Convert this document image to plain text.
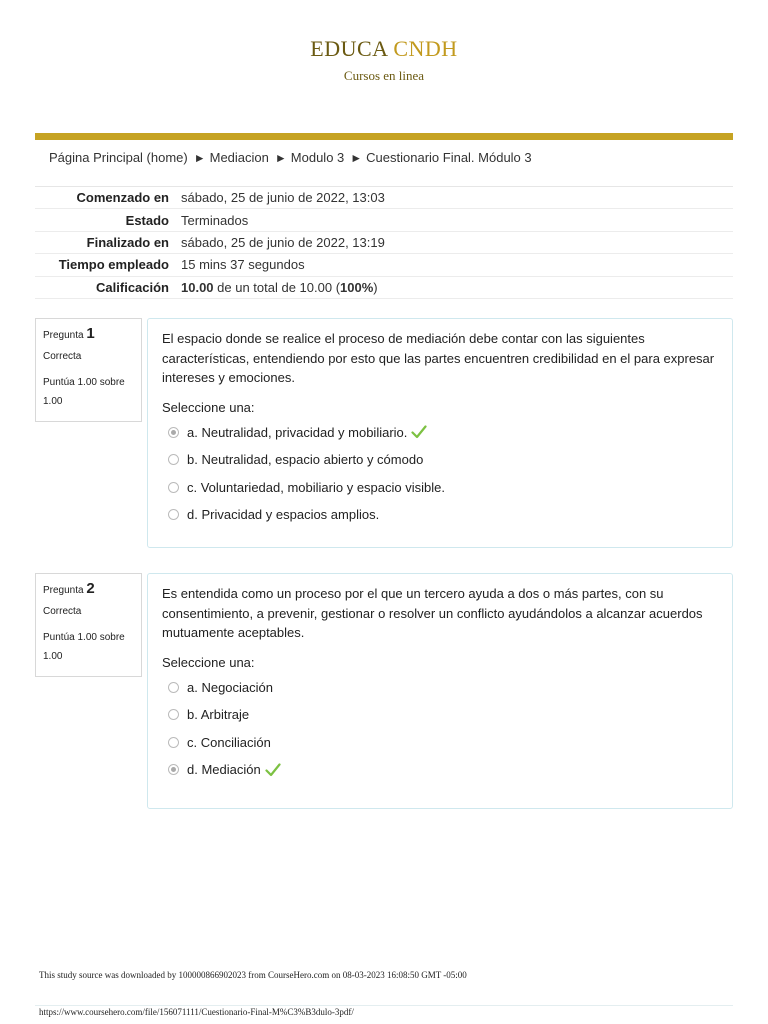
EDUCA CNDH
Cursos en linea
Página Principal (home) ► Mediacion ► Modulo 3 ► Cuestionario Final. Módulo 3
Comenzado en sábado, 25 de junio de 2022, 13:03
Estado Terminados
Finalizado en sábado, 25 de junio de 2022, 13:19
Tiempo empleado 15 mins 37 segundos
Calificación 10.00 de un total de 10.00 (100%)
Pregunta 1
Correcta
Puntúa 1.00 sobre 1.00
El espacio donde se realice el proceso de mediación debe contar con las siguientes características, entendiendo por esto que las partes encuentren credibilidad en el para expresar intereses y emociones.
Seleccione una:
a. Neutralidad, privacidad y mobiliario.
b. Neutralidad, espacio abierto y cómodo
c. Voluntariedad, mobiliario y espacio visible.
d. Privacidad y espacios amplios.
Pregunta 2
Correcta
Puntúa 1.00 sobre 1.00
Es entendida como un proceso por el que un tercero ayuda a dos o más partes, con su consentimiento, a prevenir, gestionar o resolver un conflicto ayudándolos a alcanzar acuerdos mutuamente aceptables.
Seleccione una:
a. Negociación
b. Arbitraje
c. Conciliación
d. Mediación
This study source was downloaded by 100000866902023 from CourseHero.com on 08-03-2023 16:08:50 GMT -05:00
https://www.coursehero.com/file/156071111/Cuestionario-Final-M%C3%B3dulo-3pdf/
